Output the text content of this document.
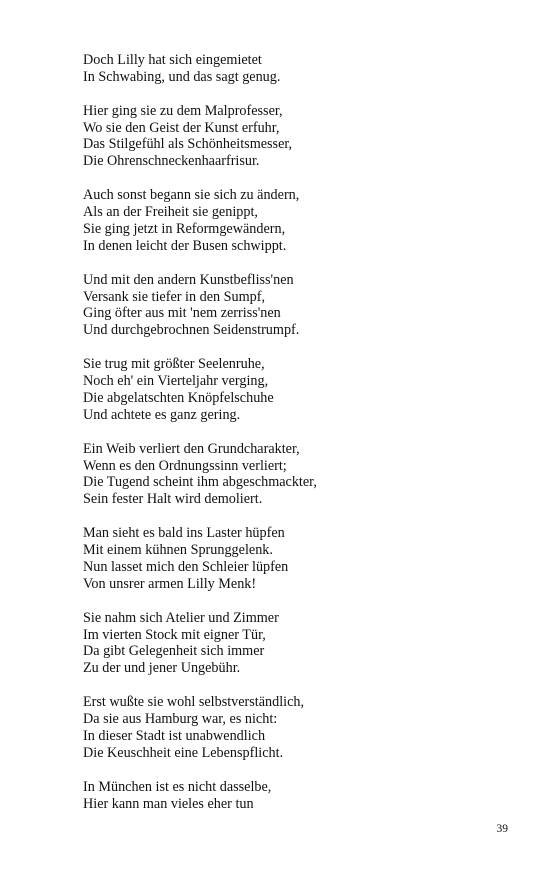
Doch Lilly hat sich eingemietet
In Schwabing, und das sagt genug.
Hier ging sie zu dem Malprofesser,
Wo sie den Geist der Kunst erfuhr,
Das Stilgefühl als Schönheitsmesser,
Die Ohrenschneckenhaarfrisur.
Auch sonst begann sie sich zu ändern,
Als an der Freiheit sie genippt,
Sie ging jetzt in Reformgewändern,
In denen leicht der Busen schwippt.
Und mit den andern Kunstbefliss'nen
Versank sie tiefer in den Sumpf,
Ging öfter aus mit 'nem zerriss'nen
Und durchgebrochnen Seidenstrumpf.
Sie trug mit größter Seelenruhe,
Noch eh' ein Vierteljahr verging,
Die abgelatschten Knöpfelschuhe
Und achtete es ganz gering.
Ein Weib verliert den Grundcharakter,
Wenn es den Ordnungssinn verliert;
Die Tugend scheint ihm abgeschmackter,
Sein fester Halt wird demoliert.
Man sieht es bald ins Laster hüpfen
Mit einem kühnen Sprunggelenk.
Nun lasset mich den Schleier lüpfen
Von unsrer armen Lilly Menk!
Sie nahm sich Atelier und Zimmer
Im vierten Stock mit eigner Tür,
Da gibt Gelegenheit sich immer
Zu der und jener Ungebühr.
Erst wußte sie wohl selbstverständlich,
Da sie aus Hamburg war, es nicht:
In dieser Stadt ist unabwendlich
Die Keuschheit eine Lebenspflicht.
In München ist es nicht dasselbe,
Hier kann man vieles eher tun
39
